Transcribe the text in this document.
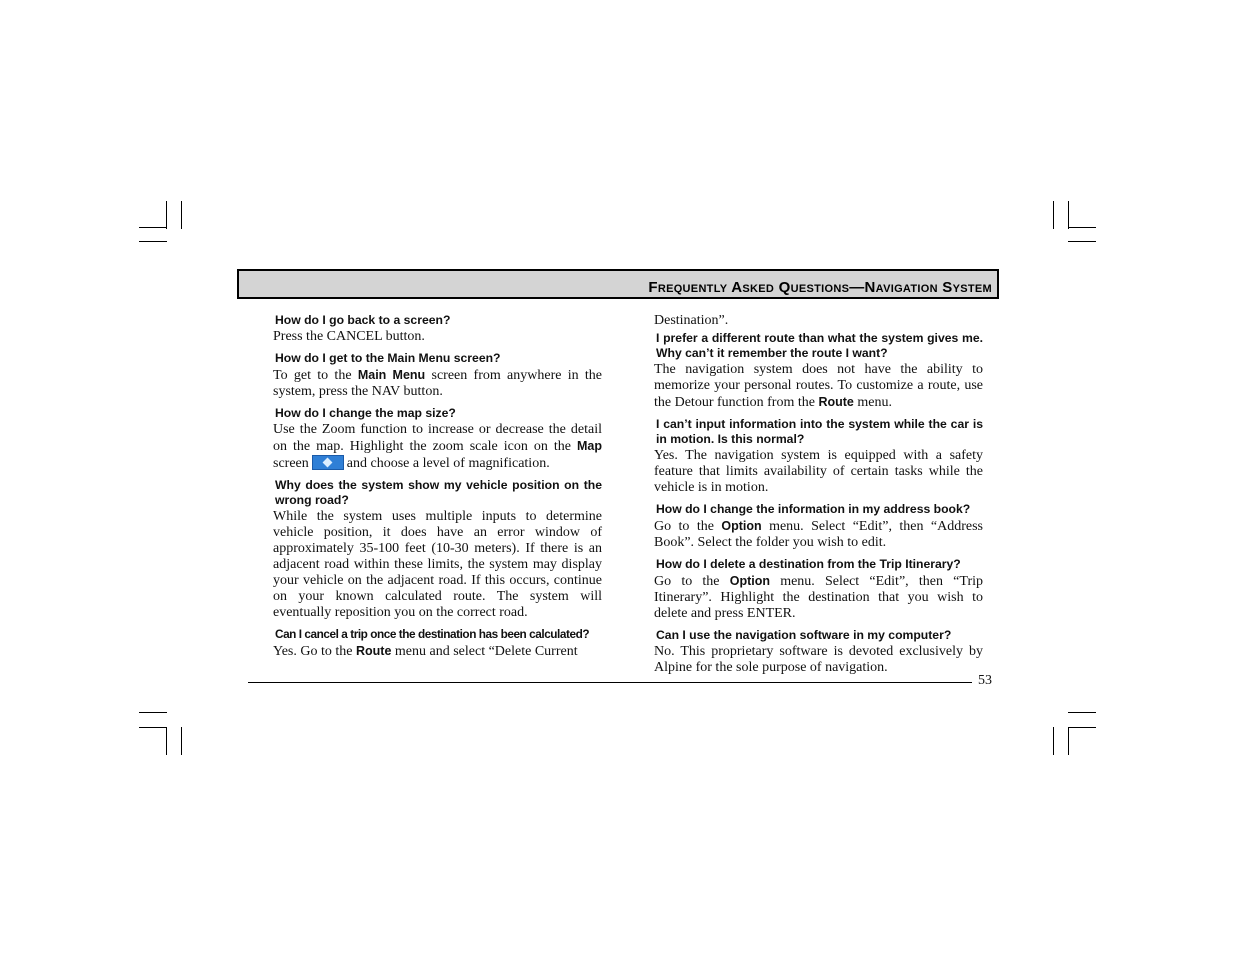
Frequently Asked Questions—Navigation System
How do I go back to a screen?
Press the CANCEL button.
How do I get to the Main Menu screen?
To get to the Main Menu screen from anywhere in the system, press the NAV button.
How do I change the map size?
Use the Zoom function to increase or decrease the detail on the map. Highlight the zoom scale icon on the Map screen	and choose a level of magnification.
Why does the system show my vehicle position on the wrong road?
While the system uses multiple inputs to determine vehicle position, it does have an error window of approximately 35-100 feet (10-30 meters). If there is an adjacent road within these limits, the system may display your vehicle on the adjacent road. If this occurs, continue on your known calculated route. The system will eventually reposition you on the correct road.
Can I cancel a trip once the destination has been calculated?
Yes. Go to the Route menu and select “Delete Current
Destination”.
I prefer a different route than what the system gives me. Why can’t it remember the route I want?
The navigation system does not have the ability to memorize your personal routes. To customize a route, use the Detour function from the Route menu.
I can’t input information into the system while the car is in motion. Is this normal?
Yes. The navigation system is equipped with a safety feature that limits availability of certain tasks while the vehicle is in motion.
How do I change the information in my address book?
Go to the Option menu. Select “Edit”, then “Address Book”. Select the folder you wish to edit.
How do I delete a destination from the Trip Itinerary?
Go to the Option menu. Select “Edit”, then “Trip Itinerary”. Highlight the destination that you wish to delete and press ENTER.
Can I use the navigation software in my computer?
No. This proprietary software is devoted exclusively by Alpine for the sole purpose of navigation.
53
